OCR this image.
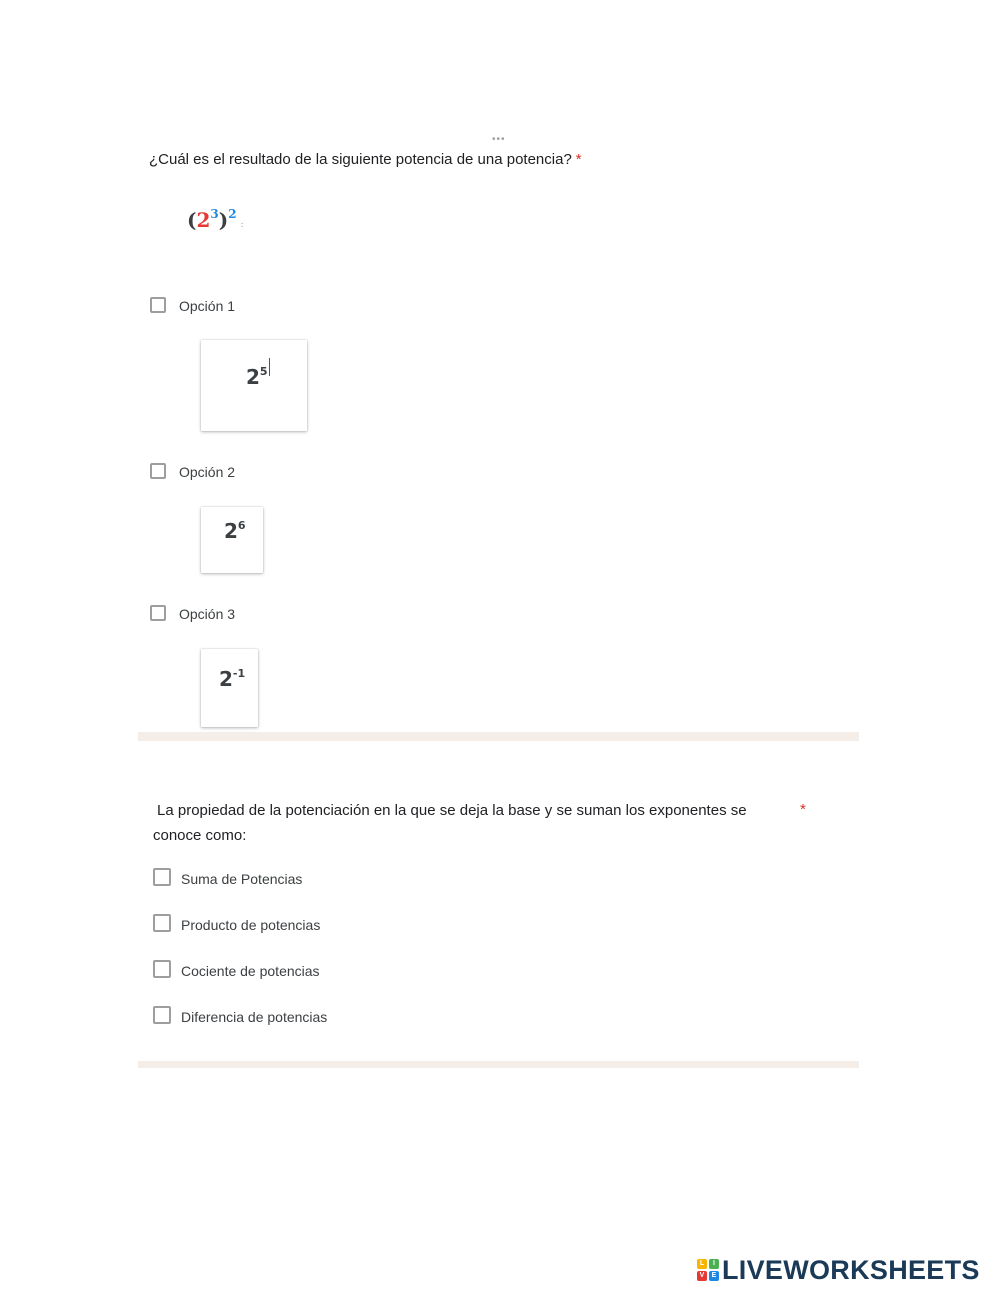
•••
¿Cuál es el resultado de la siguiente potencia de una potencia? *
$(2^3)^2$:
Opción 1
$2^5$
Opción 2
$2^6$
Opción 3
$2^{-1}$
La propiedad de la potenciación en la que se deja la base y se suman los exponentes se
conoce como:
*
Suma de Potencias
Producto de potencias
Cociente de potencias
Diferencia de potencias
L	I
V	E LIVEWORKSHEETS
